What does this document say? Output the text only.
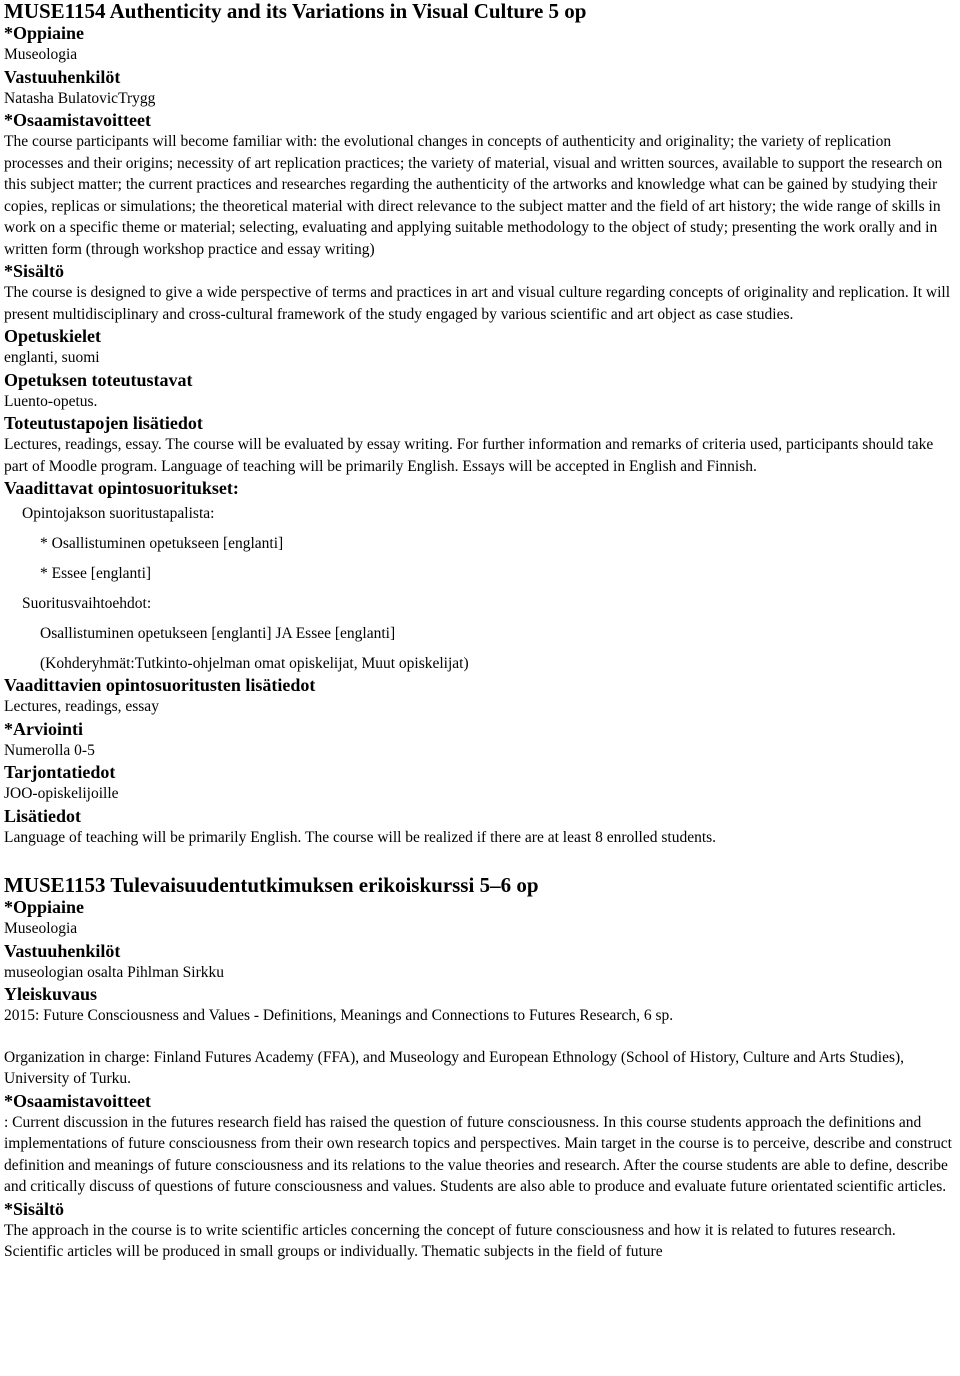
MUSE1154 Authenticity and its Variations in Visual Culture 5 op
*Oppiaine
Museologia
Vastuuhenkilöt
Natasha BulatovicTrygg
*Osaamistavoitteet
The course participants will become familiar with: the evolutional changes in concepts of authenticity and originality; the variety of replication processes and their origins; necessity of art replication practices; the variety of material, visual and written sources, available to support the research on this subject matter; the current practices and researches regarding the authenticity of the artworks and knowledge what can be gained by studying their copies, replicas or simulations; the theoretical material with direct relevance to the subject matter and the field of art history; the wide range of skills in work on a specific theme or material; selecting, evaluating and applying suitable methodology to the object of study; presenting the work orally and in written form (through workshop practice and essay writing)
*Sisältö
The course is designed to give a wide perspective of terms and practices in art and visual culture regarding concepts of originality and replication. It will present multidisciplinary and cross-cultural framework of the study engaged by various scientific and art object as case studies.
Opetuskielet
englanti, suomi
Opetuksen toteutustavat
Luento-opetus.
Toteutustapojen lisätiedot
Lectures, readings, essay. The course will be evaluated by essay writing. For further information and remarks of criteria used, participants should take part of Moodle program. Language of teaching will be primarily English. Essays will be accepted in English and Finnish.
Vaadittavat opintosuoritukset:
Opintojakson suoritustapalista:
* Osallistuminen opetukseen [englanti]
* Essee [englanti]
Suoritusvaihtoehdot:
Osallistuminen opetukseen [englanti] JA Essee [englanti]
(Kohderyhmät:Tutkinto-ohjelman omat opiskelijat, Muut opiskelijat)
Vaadittavien opintosuoritusten lisätiedot
Lectures, readings, essay
*Arviointi
Numerolla 0-5
Tarjontatiedot
JOO-opiskelijoille
Lisätiedot
Language of teaching will be primarily English. The course will be realized if there are at least 8 enrolled students.
MUSE1153 Tulevaisuudentutkimuksen erikoiskurssi 5–6 op
*Oppiaine
Museologia
Vastuuhenkilöt
museologian osalta Pihlman Sirkku
Yleiskuvaus
2015: Future Consciousness and Values - Definitions, Meanings and Connections to Futures Research, 6 sp.
Organization in charge: Finland Futures Academy (FFA), and Museology and European Ethnology (School of History, Culture and Arts Studies), University of Turku.
*Osaamistavoitteet
: Current discussion in the futures research field has raised the question of future consciousness. In this course students approach the definitions and implementations of future consciousness from their own research topics and perspectives. Main target in the course is to perceive, describe and construct definition and meanings of future consciousness and its relations to the value theories and research. After the course students are able to define, describe and critically discuss of questions of future consciousness and values. Students are also able to produce and evaluate future orientated scientific articles.
*Sisältö
The approach in the course is to write scientific articles concerning the concept of future consciousness and how it is related to futures research. Scientific articles will be produced in small groups or individually. Thematic subjects in the field of future
